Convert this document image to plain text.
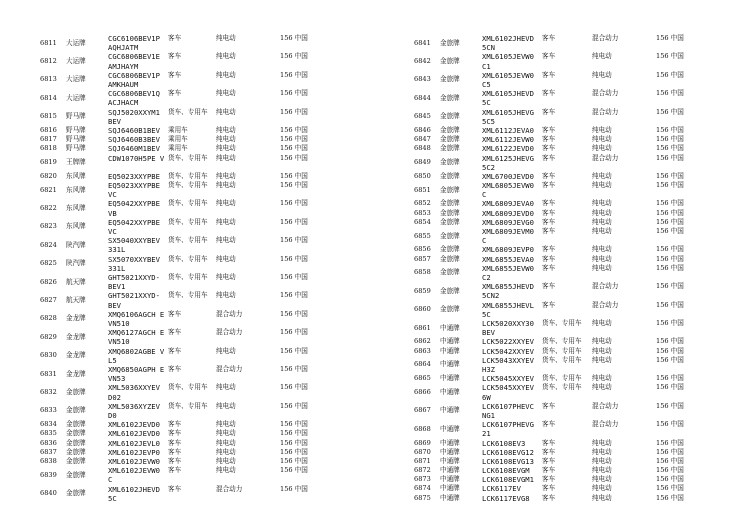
6811	大运牌	CGC6106BEV1P AQHJATM
客车	纯电动	156 中国
6812	大运牌	CGC6806BEV1E AMJHAYM
客车	纯电动	156 中国
6813	大运牌	CGC6806BEV1P AMKHAUM
客车	纯电动	156 中国
6814	大运牌	CGC6806BEV1Q ACJHACM
客车	纯电动	156 中国
6815	野马牌	SQJ5020XXYM1 BEV
货车、专用车	纯电动	156 中国
6816	野马牌	SQJ6460B1BEV	乘用车	纯电动	156 中国
6817	野马牌	SQJ6460B3BEV	乘用车	纯电动	156 中国
6818	野马牌	SQJ6460M1BEV	乘用车	纯电动	156 中国
6819	王牌牌	CDW1070H5PE V 货车、专用车	纯电动	156 中国
6820	东风牌	EQ5023XXYPBE	货车、专用车	纯电动	156 中国
6821	东风牌	EQ5023XXYPBE VC
货车、专用车	纯电动	156 中国
6822	东风牌	EQ5042XXYPBE VB
货车、专用车	纯电动	156 中国
6823	东风牌	EQ5042XXYPBE VC
货车、专用车	纯电动	156 中国
6824	陕汽牌	SX5040XXYBEV 331L
货车、专用车	纯电动	156 中国
6825	陕汽牌	SX5070XXYBEV 331L
货车、专用车	纯电动	156 中国
6826	航天牌	GHT5021XXYD- BEV1
货车、专用车	纯电动	156 中国
6827	航天牌	GHT5021XXYD- BEV
货车、专用车	纯电动	156 中国
6828	金龙牌	XMQ6106AGCH EVN510
客车	混合动力	156 中国
6829	金龙牌	XMQ6127AGCH EVN510
客车	混合动力	156 中国
6830	金龙牌	XMQ6802AGBE VL5
客车	纯电动	156 中国
6831	金龙牌	XMQ6850AGPH EVN53
客车	混合动力	156 中国
6832	金旅牌	XML5036XXYEV D02
货车、专用车	纯电动	156 中国
6833	金旅牌	XML5036XYZEV D0
货车、专用车	纯电动	156 中国
6834	金旅牌	XML6102JEVD0	客车	纯电动	156 中国
6835	金旅牌	XML6102JEVD0	客车	纯电动	156 中国
6836	金旅牌	XML6102JEVL0	客车	纯电动	156 中国
6837	金旅牌	XML6102JEVP0	客车	纯电动	156 中国
6838	金旅牌	XML6102JEVW0	客车	纯电动	156 中国
6839	金旅牌	XML6102JEVW0 C
客车	纯电动	156 中国
6840	金旅牌	XML6102JHEVD 5C
客车	混合动力	156 中国
6841	金旅牌	XML6102JHEVD 5CN
客车	混合动力	156 中国
6842	金旅牌	XML6105JEVW0 C1
客车	纯电动	156 中国
6843	金旅牌	XML6105JEVW0 C5
客车	纯电动	156 中国
6844	金旅牌	XML6105JHEVD 5C
客车	混合动力	156 中国
6845	金旅牌	XML6105JHEVG 5C5
客车	混合动力	156 中国
6846	金旅牌	XML6112JEVA0	客车	纯电动	156 中国
6847	金旅牌	XML6112JEVW0	客车	纯电动	156 中国
6848	金旅牌	XML6122JEVD0	客车	纯电动	156 中国
6849	金旅牌	XML6125JHEVG 5C2
客车	混合动力	156 中国
6850	金旅牌	XML6700JEVD0	客车	纯电动	156 中国
6851	金旅牌	XML6805JEVW0 C
客车	纯电动	156 中国
6852	金旅牌	XML6809JEVA0	客车	纯电动	156 中国
6853	金旅牌	XML6809JEVD0	客车	纯电动	156 中国
6854	金旅牌	XML6809JEVG0	客车	纯电动	156 中国
6855	金旅牌	XML6809JEVM0 C
客车	纯电动	156 中国
6856	金旅牌	XML6809JEVP0	客车	纯电动	156 中国
6857	金旅牌	XML6855JEVA0	客车	纯电动	156 中国
6858	金旅牌	XML6855JEVW0 C2
客车	纯电动	156 中国
6859	金旅牌	XML6855JHEVD 5CN2
客车	混合动力	156 中国
6860	金旅牌	XML6855JHEVL 5C
客车	混合动力	156 中国
6861	中通牌	LCK5020XXY30 BEV
货车、专用车	纯电动	156 中国
6862	中通牌	LCK5022XXYEV	货车、专用车	纯电动	156 中国
6863	中通牌	LCK5042XXYEV	货车、专用车	纯电动	156 中国
6864	中通牌	LCK5043XXYEV H3Z
货车、专用车	纯电动	156 中国
6865	中通牌	LCK5045XXYEV	货车、专用车	纯电动	156 中国
6866	中通牌	LCK5045XXYEV 6W
货车、专用车	纯电动	156 中国
6867	中通牌	LCK6107PHEVC NG1
客车	混合动力	156 中国
6868	中通牌	LCK6107PHEVG 21
客车	混合动力	156 中国
6869	中通牌	LCK6108EV3	客车	纯电动	156 中国
6870	中通牌	LCK6108EVG12	客车	纯电动	156 中国
6871	中通牌	LCK6108EVG13	客车	纯电动	156 中国
6872	中通牌	LCK6108EVGM	客车	纯电动	156 中国
6873	中通牌	LCK6108EVGM1	客车	纯电动	156 中国
6874	中通牌	LCK6117EV	客车	纯电动	156 中国
6875	中通牌	LCK6117EVG8	客车	纯电动	156 中国
